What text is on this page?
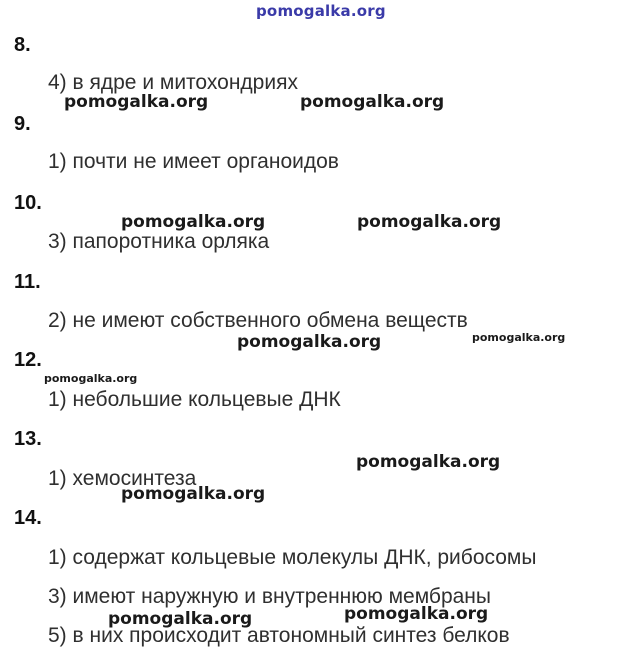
pomogalka.org
8.
4) в ядре и митохондриях
pomogalka.org	pomogalka.org
9.
1) почти не имеет органоидов
10.
pomogalka.org	pomogalka.org
3) папоротника орляка
11.
2) не имеют собственного обмена веществ
pomogalka.org	pomogalka.org
12.
pomogalka.org
1) небольшие кольцевые ДНК
13.
pomogalka.org
1) хемосинтеза
pomogalka.org
14.
1) содержат кольцевые молекулы ДНК, рибосомы
3) имеют наружную и внутреннюю мембраны
pomogalka.org
pomogalka.org
5) в них происходит автономный синтез белков
